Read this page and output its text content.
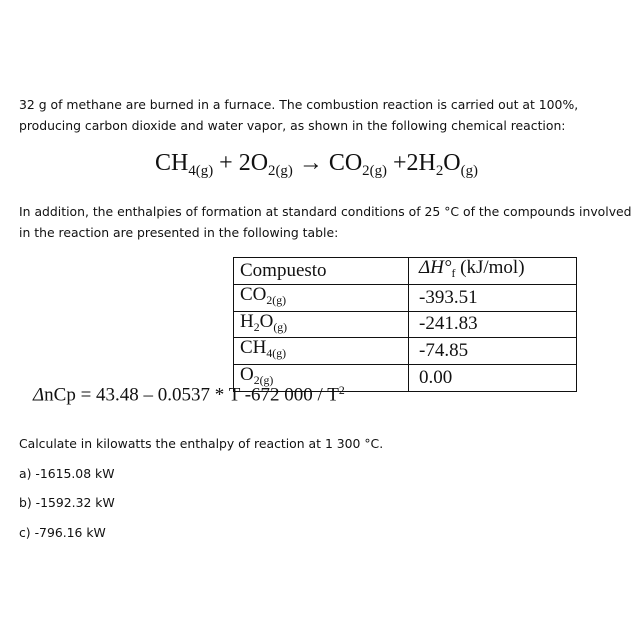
32 g of methane are burned in a furnace. The combustion reaction is carried out at 100%,

producing carbon dioxide and water vapor, as shown in the following chemical reaction:

$CH_{4(g)} + 2O_{2(g)} \to CO_{2(g)} +2H_2O_{(g)}$

In addition, the enthalpies of formation at standard conditions of 25 °C of the compounds involved

in the reaction are presented in the following table:

Compuesto	$\Delta H^\circ_f$ (kJ/mol)
$CO_{2(g)}$	-393.51
$H_2O_{(g)}$	-241.83
$CH_{4(g)}$	-74.85
$O_{2(g)}$	0.00
ΔnCp = 43.48 – 0.0537 * T -672 $000 / T^2$

Calculate in kilowatts the enthalpy of reaction at 1 300 °C.

a) -1615.08 kW

b) -1592.32 kW

c) -796.16 kW
